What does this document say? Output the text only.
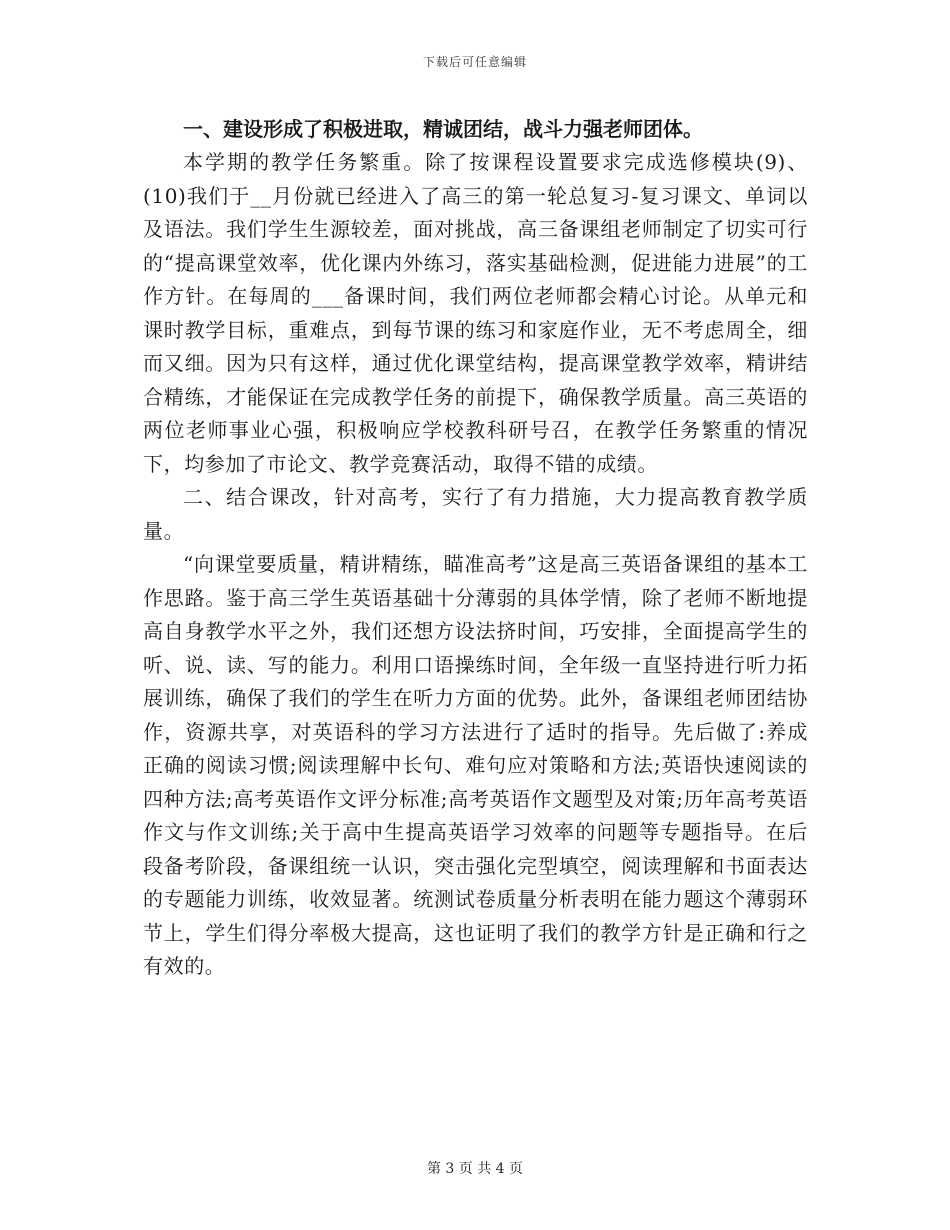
下载后可任意编辑

一、建设形成了积极进取，精诚团结，战斗力强老师团体。

本学期的教学任务繁重。除了按课程设置要求完成选修模块(9)、(10)我们于__月份就已经进入了高三的第一轮总复习-复习课文、单词以及语法。我们学生生源较差，面对挑战，高三备课组老师制定了切实可行的“提高课堂效率，优化课内外练习，落实基础检测，促进能力进展”的工作方针。在每周的___备课时间，我们两位老师都会精心讨论。从单元和课时教学目标，重难点，到每节课的练习和家庭作业，无不考虑周全，细而又细。因为只有这样，通过优化课堂结构，提高课堂教学效率，精讲结合精练，才能保证在完成教学任务的前提下，确保教学质量。高三英语的两位老师事业心强，积极响应学校教科研号召，在教学任务繁重的情况下，均参加了市论文、教学竞赛活动，取得不错的成绩。

二、结合课改，针对高考，实行了有力措施，大力提高教育教学质量。

“向课堂要质量，精讲精练，瞄准高考”这是高三英语备课组的基本工作思路。鉴于高三学生英语基础十分薄弱的具体学情，除了老师不断地提高自身教学水平之外，我们还想方设法挤时间，巧安排，全面提高学生的听、说、读、写的能力。利用口语操练时间，全年级一直坚持进行听力拓展训练，确保了我们的学生在听力方面的优势。此外，备课组老师团结协作，资源共享，对英语科的学习方法进行了适时的指导。先后做了:养成正确的阅读习惯;阅读理解中长句、难句应对策略和方法;英语快速阅读的四种方法;高考英语作文评分标准;高考英语作文题型及对策;历年高考英语作文与作文训练;关于高中生提高英语学习效率的问题等专题指导。在后段备考阶段，备课组统一认识，突击强化完型填空，阅读理解和书面表达的专题能力训练，收效显著。统测试卷质量分析表明在能力题这个薄弱环节上，学生们得分率极大提高，这也证明了我们的教学方针是正确和行之有效的。

第 3 页 共 4 页
